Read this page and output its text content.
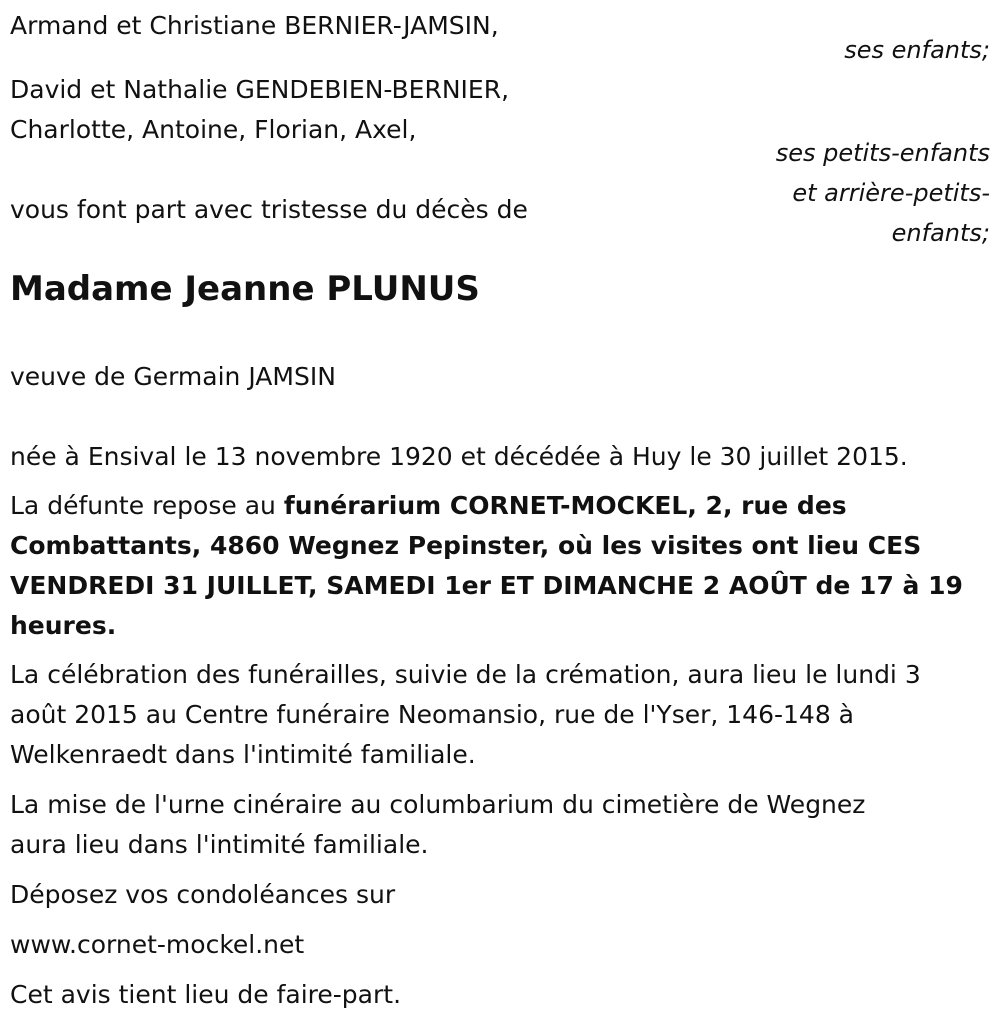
Armand et Christiane BERNIER-JAMSIN,
ses enfants;
David et Nathalie GENDEBIEN-BERNIER,
Charlotte, Antoine, Florian, Axel,
ses petits-enfants
et arrière-petits-
enfants;
vous font part avec tristesse du décès de
Madame Jeanne PLUNUS
veuve de Germain JAMSIN
née à Ensival le 13 novembre 1920 et décédée à Huy le 30 juillet 2015.
La défunte repose au funérarium CORNET-MOCKEL, 2, rue des
Combattants, 4860 Wegnez Pepinster, où les visites ont lieu CES
VENDREDI 31 JUILLET, SAMEDI 1er ET DIMANCHE 2 AOÛT de 17 à 19
heures.
La célébration des funérailles, suivie de la crémation, aura lieu le lundi 3
août 2015 au Centre funéraire Neomansio, rue de l'Yser, 146-148 à
Welkenraedt dans l'intimité familiale.
La mise de l'urne cinéraire au columbarium du cimetière de Wegnez
aura lieu dans l'intimité familiale.
Déposez vos condoléances sur
www.cornet-mockel.net
Cet avis tient lieu de faire-part.
